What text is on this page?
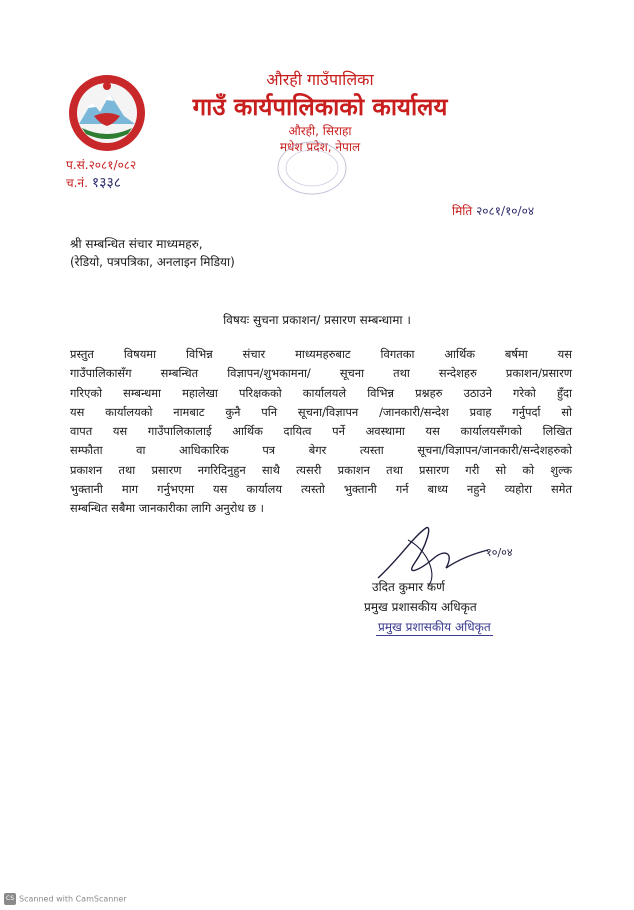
औरही गाउँपालिका
गाउँ कार्यपालिकाको कार्यालय
औरही, सिराहा
मधेश प्रदेश, नेपाल
प.सं.२०८१/०८२
च.नं. १३३८
मिति २०८१/१०/०४
श्री सम्बन्धित संचार माध्यमहरु,
(रेडियो, पत्रपत्रिका, अनलाइन मिडिया)
विषयः सुचना प्रकाशन/ प्रसारण सम्बन्धामा ।
प्रस्तुत विषयमा विभिन्न संचार माध्यमहरुबाट विगतका आर्थिक बर्षमा यस
गाउँपालिकासँग सम्बन्धित विज्ञापन/शुभकामना/ सूचना तथा सन्देशहरु प्रकाशन/प्रसारण
गरिएको सम्बन्धमा महालेखा परिक्षकको कार्यालयले विभिन्न प्रश्नहरु उठाउने गरेको हुँदा
यस कार्यालयको नामबाट कुनै पनि सूचना/विज्ञापन /जानकारी/सन्देश प्रवाह गर्नुपर्दा सो
वापत यस गाउँपालिकालाई आर्थिक दायित्व पर्ने अवस्थामा यस कार्यालयसँगको लिखित
सम्फौता वा आधिकारिक पत्र बेगर त्यस्ता सूचना/विज्ञापन/जानकारी/सन्देशहरुको
प्रकाशन तथा प्रसारण नगरिदिनुहुन साथै त्यसरी प्रकाशन तथा प्रसारण गरी सो को शुल्क
भुक्तानी माग गर्नुभएमा यस कार्यालय त्यस्तो भुक्तानी गर्न बाध्य नहुने व्यहोरा समेत
सम्बन्धित सबैमा जानकारीका लागि अनुरोध छ ।
१०/०४
उदित कुमार कर्ण
प्रमुख प्रशासकीय अधिकृत
प्रमुख प्रशासकीय अधिकृत
CS Scanned with CamScanner
